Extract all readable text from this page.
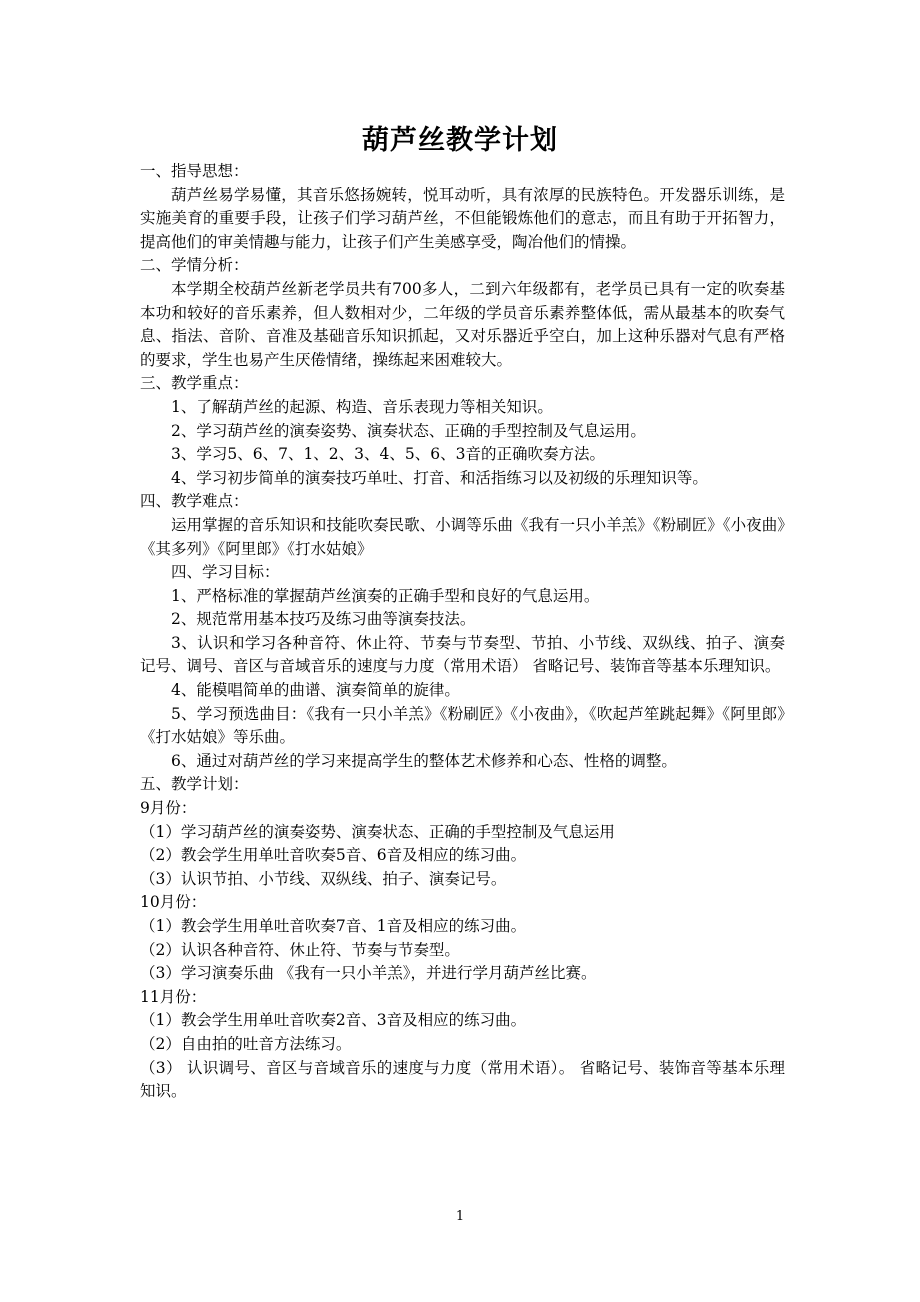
葫芦丝教学计划

一、指导思想：

葫芦丝易学易懂，其音乐悠扬婉转，悦耳动听，具有浓厚的民族特色。开发器乐训练，是实施美育的重要手段，让孩子们学习葫芦丝，不但能锻炼他们的意志，而且有助于开拓智力，提高他们的审美情趣与能力，让孩子们产生美感享受，陶冶他们的情操。

二、学情分析：

本学期全校葫芦丝新老学员共有700多人，二到六年级都有，老学员已具有一定的吹奏基本功和较好的音乐素养，但人数相对少，二年级的学员音乐素养整体低，需从最基本的吹奏气息、指法、音阶、音准及基础音乐知识抓起，又对乐器近乎空白，加上这种乐器对气息有严格的要求，学生也易产生厌倦情绪，操练起来困难较大。

三、教学重点：

1、了解葫芦丝的起源、构造、音乐表现力等相关知识。

2、学习葫芦丝的演奏姿势、演奏状态、正确的手型控制及气息运用。

3、学习5、6、7、1、2、3、4、5、6、3音的正确吹奏方法。

4、学习初步简单的演奏技巧单吐、打音、和活指练习以及初级的乐理知识等。

四、教学难点：

运用掌握的音乐知识和技能吹奏民歌、小调等乐曲《我有一只小羊羔》《粉刷匠》《小夜曲》《其多列》《阿里郎》《打水姑娘》

四、学习目标：

1、严格标准的掌握葫芦丝演奏的正确手型和良好的气息运用。

2、规范常用基本技巧及练习曲等演奏技法。

3、认识和学习各种音符、休止符、节奏与节奏型、节拍、小节线、双纵线、拍子、演奏记号、调号、音区与音域音乐的速度与力度（常用术语） 省略记号、装饰音等基本乐理知识。

4、能模唱简单的曲谱、演奏简单的旋律。

5、学习预选曲目：《我有一只小羊羔》《粉刷匠》《小夜曲》，《吹起芦笙跳起舞》《阿里郎》《打水姑娘》等乐曲。

6、通过对葫芦丝的学习来提高学生的整体艺术修养和心态、性格的调整。

五、教学计划：

9月份：

（1）学习葫芦丝的演奏姿势、演奏状态、正确的手型控制及气息运用

（2）教会学生用单吐音吹奏5音、6音及相应的练习曲。

（3）认识节拍、小节线、双纵线、拍子、演奏记号。

10月份：

（1）教会学生用单吐音吹奏7音、1音及相应的练习曲。

（2）认识各种音符、休止符、节奏与节奏型。

（3）学习演奏乐曲 《我有一只小羊羔》，并进行学月葫芦丝比赛。

11月份：

（1）教会学生用单吐音吹奏2音、3音及相应的练习曲。

（2）自由拍的吐音方法练习。

（3） 认识调号、音区与音域音乐的速度与力度（常用术语）。 省略记号、装饰音等基本乐理知识。

1
